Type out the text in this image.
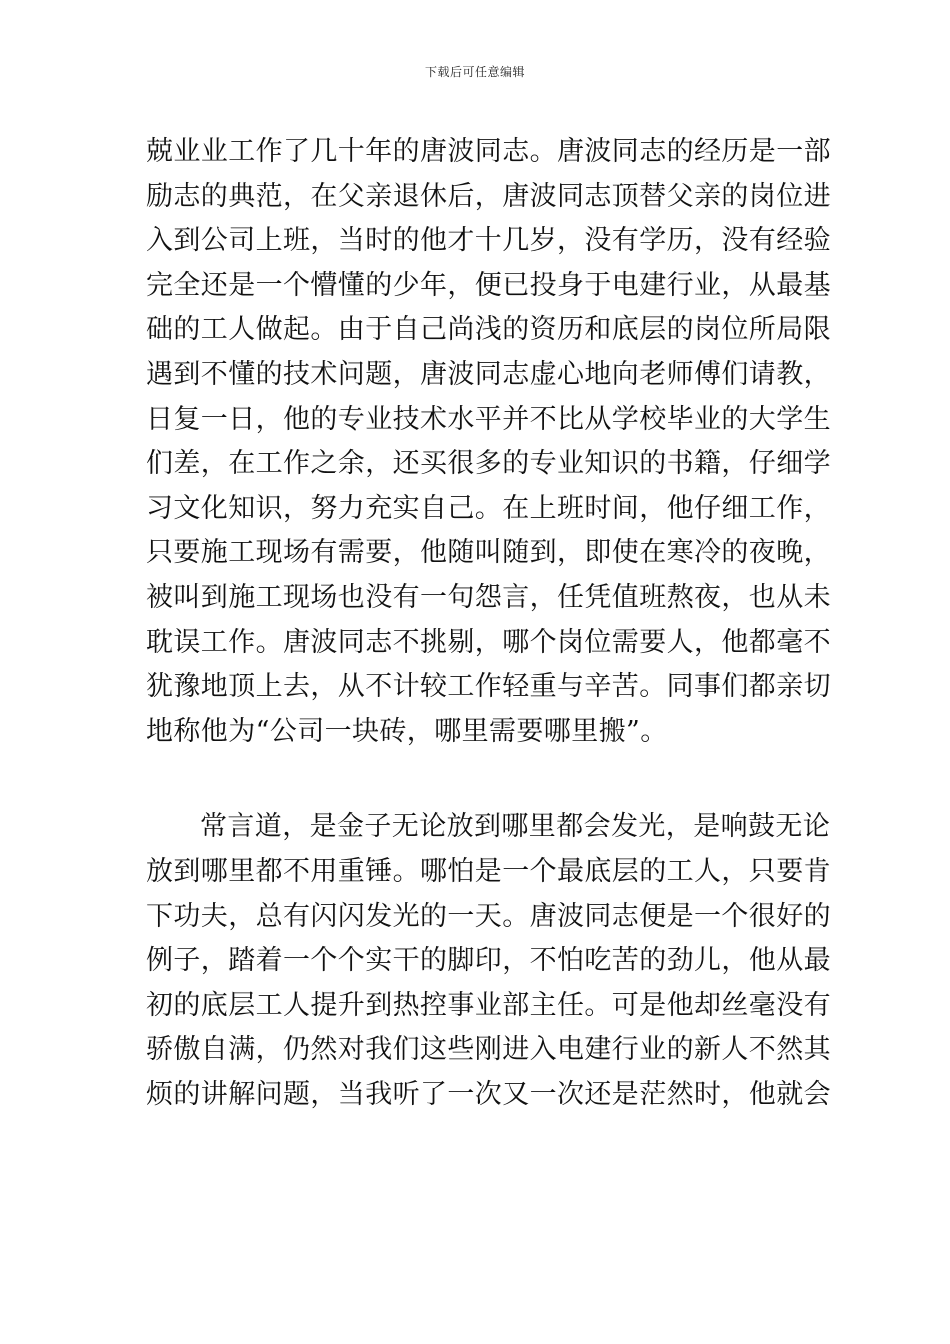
下载后可任意编辑
兢业业工作了几十年的唐波同志。唐波同志的经历是一部
励志的典范，在父亲退休后，唐波同志顶替父亲的岗位进
入到公司上班，当时的他才十几岁，没有学历，没有经验
完全还是一个懵懂的少年，便已投身于电建行业，从最基
础的工人做起。由于自己尚浅的资历和底层的岗位所局限
遇到不懂的技术问题，唐波同志虚心地向老师傅们请教，
日复一日，他的专业技术水平并不比从学校毕业的大学生
们差，在工作之余，还买很多的专业知识的书籍，仔细学
习文化知识，努力充实自己。在上班时间，他仔细工作，
只要施工现场有需要，他随叫随到，即使在寒冷的夜晚，
被叫到施工现场也没有一句怨言，任凭值班熬夜，也从未
耽误工作。唐波同志不挑剔，哪个岗位需要人，他都毫不
犹豫地顶上去，从不计较工作轻重与辛苦。同事们都亲切
地称他为“公司一块砖，哪里需要哪里搬”。
常言道，是金子无论放到哪里都会发光，是响鼓无论
放到哪里都不用重锤。哪怕是一个最底层的工人，只要肯
下功夫，总有闪闪发光的一天。唐波同志便是一个很好的
例子，踏着一个个实干的脚印，不怕吃苦的劲儿，他从最
初的底层工人提升到热控事业部主任。可是他却丝毫没有
骄傲自满，仍然对我们这些刚进入电建行业的新人不然其
烦的讲解问题，当我听了一次又一次还是茫然时，他就会
